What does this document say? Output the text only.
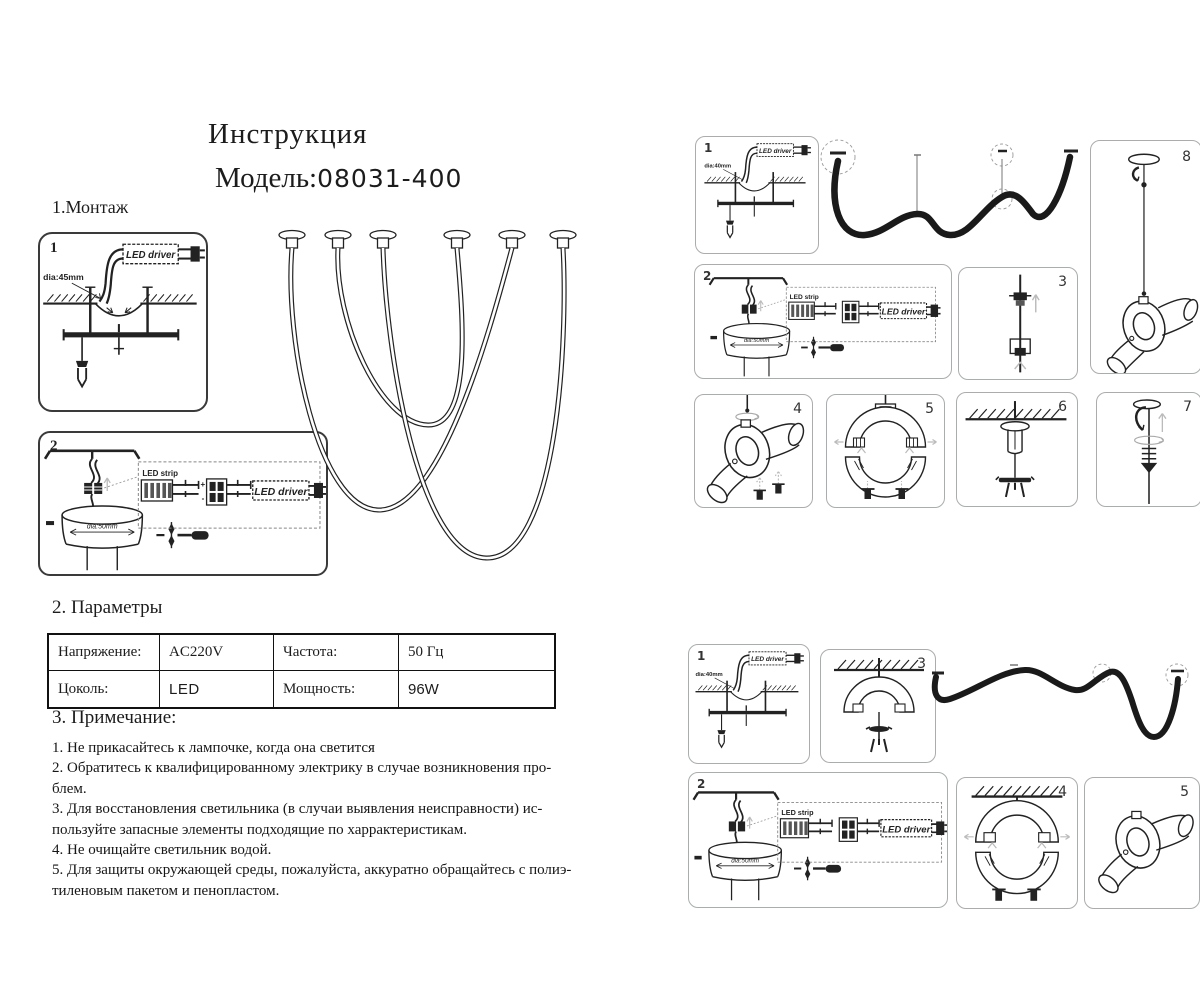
Инструкция
Модель:08031-400
1.Монтаж
1	LED driver
dia:45mm
2
dia:50mm
LED strip
+
-
LED driver
2. Параметры
Напряжение:	AC220V	Частота:	50 Гц
Цоколь:	LED	Мощность:	96W
3. Примечание:
1. Не прикасайтесь к лампочке, когда она светится
2. Обратитесь к квалифицированному электрику в случае возникновения про-
блем.
3. Для восстановления светильника (в случаи выявления неисправности) ис-
пользуйте запасные элементы подходящие по харрактеристикам.
4. Не очищайте светильник водой.
5. Для защиты окружающей среды, пожалуйста, аккуратно обращайтесь с полиэ-
тиленовым пакетом и пенопластом.
1	LED driver
dia:40mm
8
2
dia:50mm
LED strip
LED driver
3
4	5	6	7
1	LED driver
dia:40mm
3
2
dia:50mm
LED strip
LED driver
4	5
